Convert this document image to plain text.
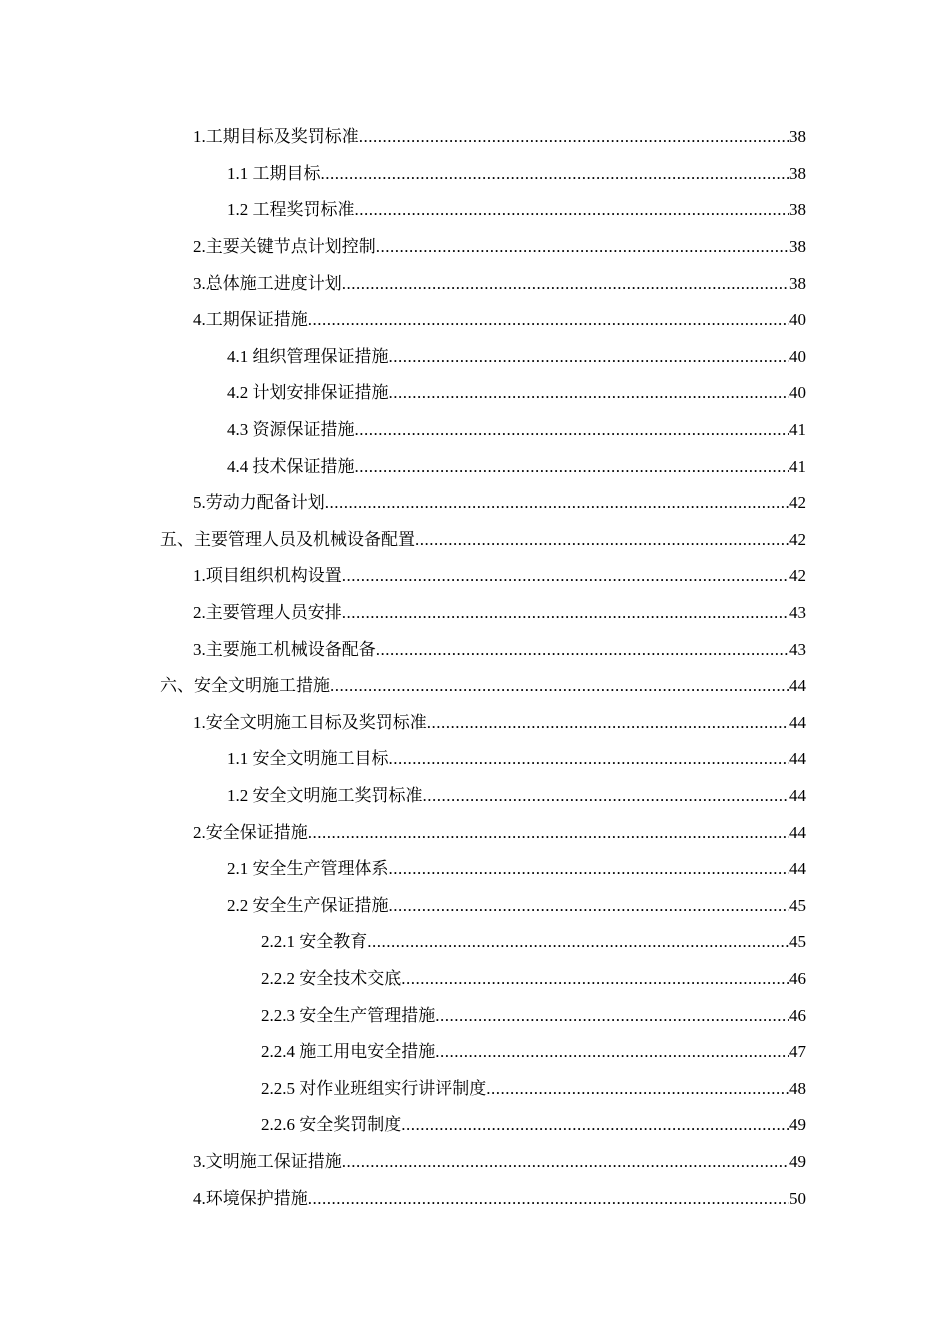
1.工期目标及奖罚标准 .....	38
1.1 工期目标 .....	38
1.2 工程奖罚标准 .....	38
2.主要关键节点计划控制 .....	38
3.总体施工进度计划 .....	38
4.工期保证措施 .....	40
4.1 组织管理保证措施 .....	40
4.2 计划安排保证措施 .....	40
4.3 资源保证措施 .....	41
4.4 技术保证措施 .....	41
5.劳动力配备计划 .....	42
五、主要管理人员及机械设备配置 .....	42
1.项目组织机构设置 .....	42
2.主要管理人员安排 .....	43
3.主要施工机械设备配备 .....	43
六、安全文明施工措施 .....	44
1.安全文明施工目标及奖罚标准 .....	44
1.1 安全文明施工目标 .....	44
1.2 安全文明施工奖罚标准 .....	44
2.安全保证措施 .....	44
2.1 安全生产管理体系 .....	44
2.2 安全生产保证措施 .....	45
2.2.1 安全教育 .....	45
2.2.2 安全技术交底 .....	46
2.2.3 安全生产管理措施 .....	46
2.2.4 施工用电安全措施 .....	47
2.2.5 对作业班组实行讲评制度 .....	48
2.2.6 安全奖罚制度 .....	49
3.文明施工保证措施 .....	49
4.环境保护措施 .....	50
